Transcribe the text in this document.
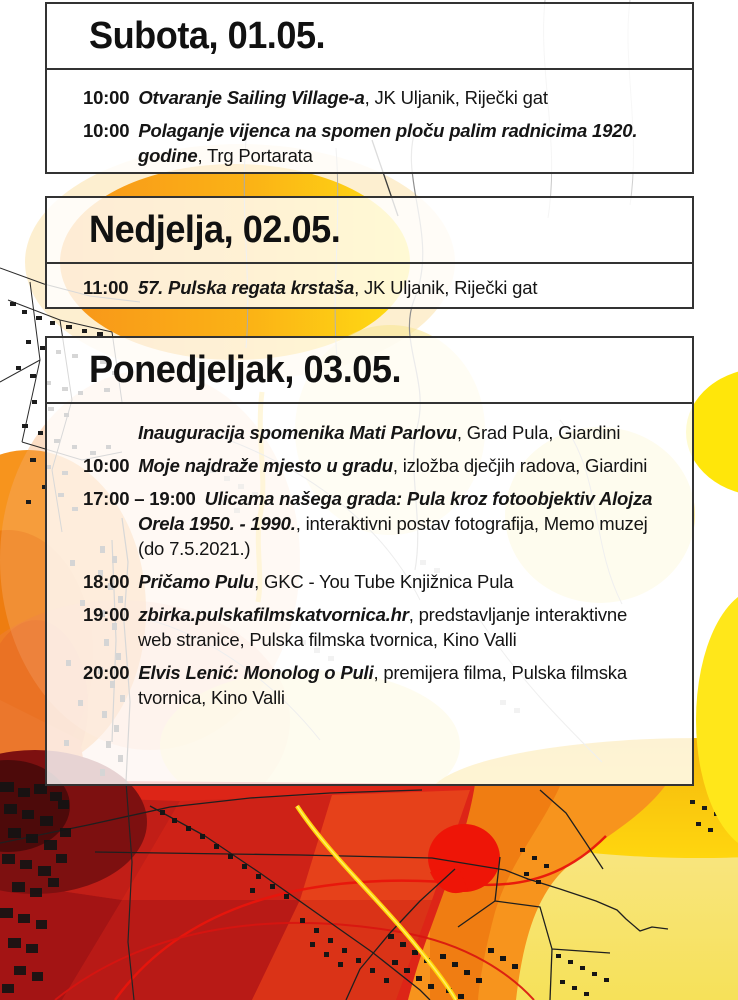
Subota, 01.05.

10:00 Otvaranje Sailing Village-a, JK Uljanik, Riječki gat

10:00 Polaganje vijenca na spomen ploču palim radnicima 1920. godine, Trg Portarata

Nedjelja, 02.05.

11:00 57. Pulska regata krstaša, JK Uljanik, Riječki gat

Ponedjeljak, 03.05.

Inauguracija spomenika Mati Parlovu, Grad Pula, Giardini

10:00 Moje najdraže mjesto u gradu, izložba dječjih radova, Giardini

17:00 – 19:00 Ulicama našega grada: Pula kroz fotoobjektiv Alojza Orela 1950. - 1990., interaktivni postav fotografija, Memo muzej (do 7.5.2021.)

18:00 Pričamo Pulu, GKC - You Tube Knjižnica Pula

19:00 zbirka.pulskafilmskatvornica.hr, predstavljanje interaktivne web stranice, Pulska filmska tvornica, Kino Valli

20:00 Elvis Lenić: Monolog o Puli, premijera filma, Pulska filmska tvornica, Kino Valli
